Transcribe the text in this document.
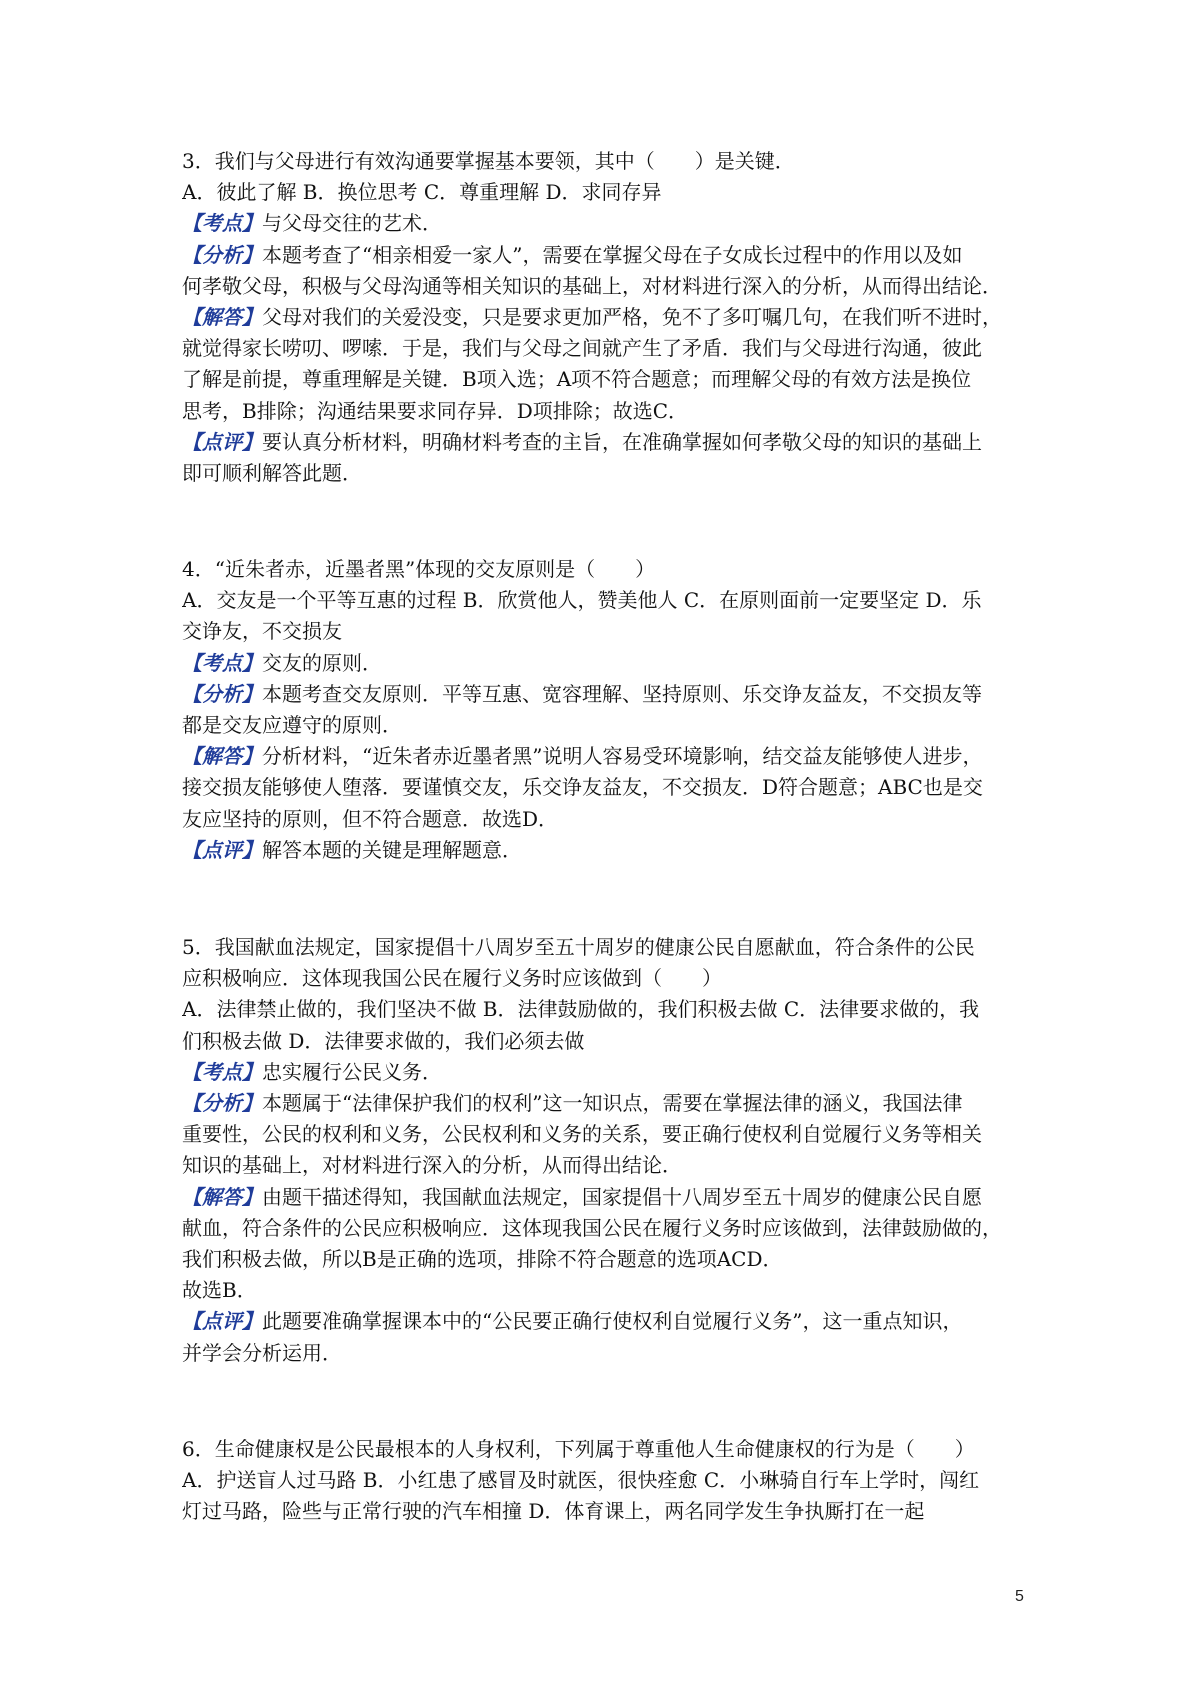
3．我们与父母进行有效沟通要掌握基本要领，其中（　　）是关键．
A．彼此了解 B．换位思考 C．尊重理解 D．求同存异
【考点】与父母交往的艺术．
【分析】本题考查了“相亲相爱一家人”，需要在掌握父母在子女成长过程中的作用以及如
何孝敬父母，积极与父母沟通等相关知识的基础上，对材料进行深入的分析，从而得出结论．
【解答】父母对我们的关爱没变，只是要求更加严格，免不了多叮嘱几句，在我们听不进时，
就觉得家长唠叨、啰嗦．于是，我们与父母之间就产生了矛盾．我们与父母进行沟通，彼此
了解是前提，尊重理解是关键．B项入选；A项不符合题意；而理解父母的有效方法是换位
思考，B排除；沟通结果要求同存异．D项排除；故选C．
【点评】要认真分析材料，明确材料考查的主旨，在准确掌握如何孝敬父母的知识的基础上
即可顺利解答此题．
4．“近朱者赤，近墨者黑”体现的交友原则是（　　）
A．交友是一个平等互惠的过程 B．欣赏他人，赞美他人 C．在原则面前一定要坚定 D．乐
交诤友，不交损友
【考点】交友的原则．
【分析】本题考查交友原则．平等互惠、宽容理解、坚持原则、乐交诤友益友，不交损友等
都是交友应遵守的原则．
【解答】分析材料，“近朱者赤近墨者黑”说明人容易受环境影响，结交益友能够使人进步，
接交损友能够使人堕落．要谨慎交友，乐交诤友益友，不交损友．D符合题意；ABC也是交
友应坚持的原则，但不符合题意．故选D．
【点评】解答本题的关键是理解题意．
5．我国献血法规定，国家提倡十八周岁至五十周岁的健康公民自愿献血，符合条件的公民
应积极响应．这体现我国公民在履行义务时应该做到（　　）
A．法律禁止做的，我们坚决不做 B．法律鼓励做的，我们积极去做 C．法律要求做的，我
们积极去做 D．法律要求做的，我们必须去做
【考点】忠实履行公民义务．
【分析】本题属于“法律保护我们的权利”这一知识点，需要在掌握法律的涵义，我国法律
重要性，公民的权利和义务，公民权利和义务的关系，要正确行使权利自觉履行义务等相关
知识的基础上，对材料进行深入的分析，从而得出结论．
【解答】由题干描述得知，我国献血法规定，国家提倡十八周岁至五十周岁的健康公民自愿
献血，符合条件的公民应积极响应．这体现我国公民在履行义务时应该做到，法律鼓励做的，
我们积极去做，所以B是正确的选项，排除不符合题意的选项ACD．
故选B．
【点评】此题要准确掌握课本中的“公民要正确行使权利自觉履行义务”，这一重点知识，
并学会分析运用．
6．生命健康权是公民最根本的人身权利，下列属于尊重他人生命健康权的行为是（　　）
A．护送盲人过马路 B．小红患了感冒及时就医，很快痊愈 C．小琳骑自行车上学时，闯红
灯过马路，险些与正常行驶的汽车相撞 D．体育课上，两名同学发生争执厮打在一起
5
